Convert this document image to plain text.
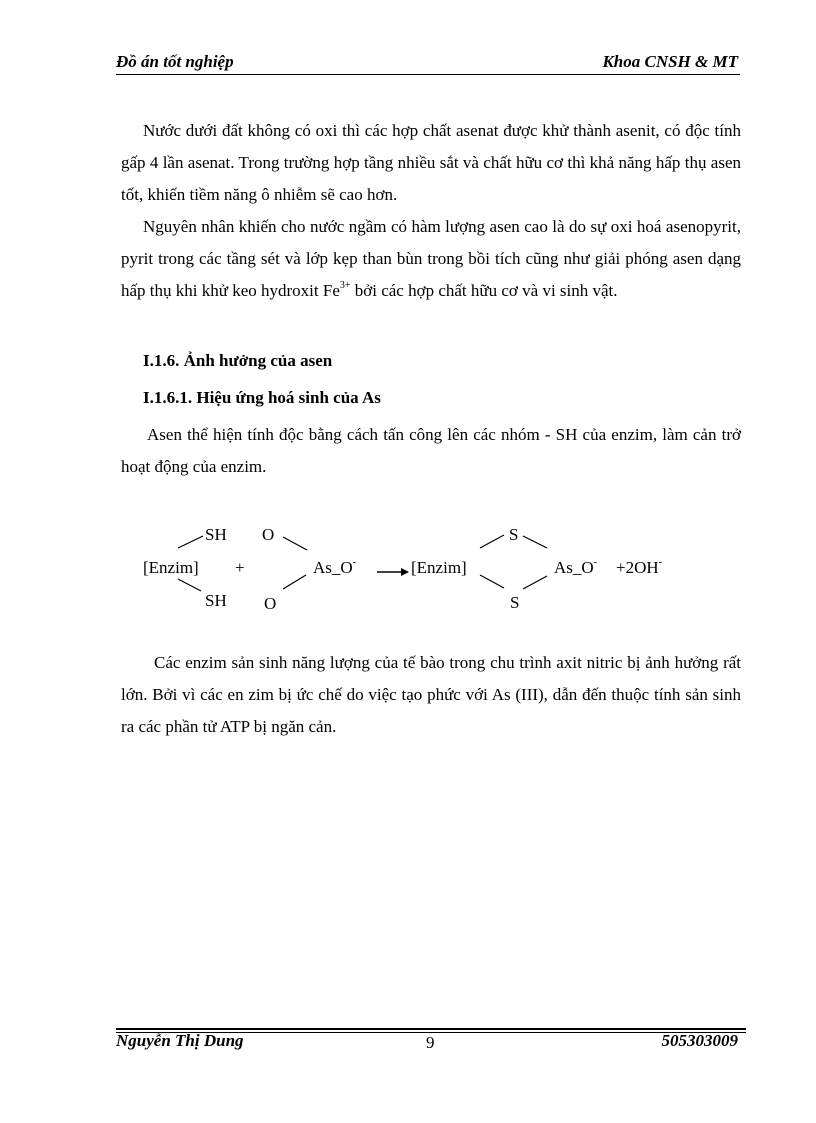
Đồ án tốt nghiệp	Khoa CNSH & MT
Nước dưới đất không có oxi thì các hợp chất asenat được khử thành asenit, có độc tính gấp 4 lần asenat. Trong trường hợp tầng nhiều sắt và chất hữu cơ thì khả năng hấp thụ asen tốt, khiến tiềm năng ô nhiễm sẽ cao hơn.
Nguyên nhân khiến cho nước ngầm có hàm lượng asen cao là do sự oxi hoá asenopyrit, pyrit trong các tầng sét và lớp kẹp than bùn trong bồi tích cũng như giải phóng asen dạng hấp thụ khi khử keo hydroxit $Fe^{3+}$ bởi các hợp chất hữu cơ và vi sinh vật.
I.1.6. Ảnh hưởng của asen
I.1.6.1. Hiệu ứng hoá sinh của As
Asen thể hiện tính độc bằng cách tấn công lên các nhóm - SH của enzim, làm cản trở hoạt động của enzim.
SH
SH
[Enzim] +
O
O
As_O-	[Enzim]
S
S
As_O- +2OH-
Các enzim sản sinh năng lượng của tế bào trong chu trình axit nitric bị ảnh hưởng rất lớn. Bởi vì các en zim bị ức chế do việc tạo phức với As (III), dẫn đến thuộc tính sản sinh ra các phần tử ATP bị ngăn cản.
Nguyễn Thị Dung	9	505303009
